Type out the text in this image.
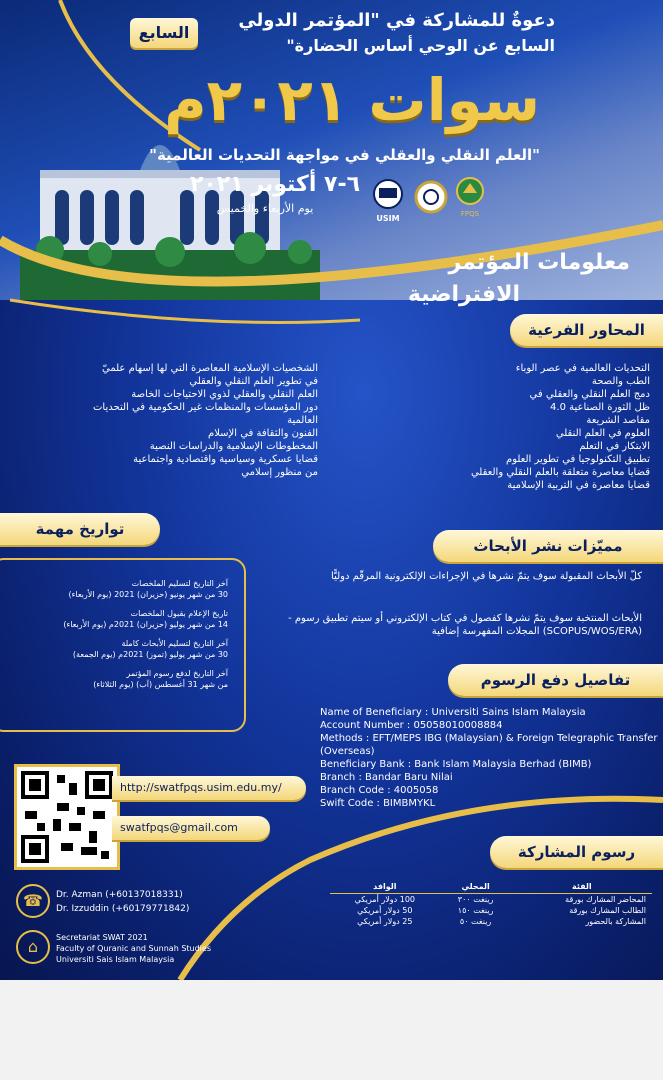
السابع
دعوةٌ للمشاركة في "المؤتمر الدولي
السابع عن الوحي أساس الحضارة"
سوات ٢٠٢١م
"العلم النقلي والعقلي في مواجهة التحديات العالمية"
٦-٧ أكتوبر ٢٠٢١
يوم الأربعاء والخميس
USIM	FPQS
معلومات المؤتمر
الافتراضية
المحاور الفرعية
التحديات العالمية في عصر الوباء
الطب والصحة
دمج العلم النقلي والعقلي في
ظل الثورة الصناعية 4.0
مقاصد الشريعة
العلوم في العلم النقلي
الابتكار في التعلم
تطبيق التكنولوجيا في تطوير العلوم
قضايا معاصرة متعلقة بالعلم النقلي والعقلي
قضايا معاصرة في التربية الإسلامية
الشخصيات الإسلامية المعاصرة التي لها إسهام علميّ
في تطوير العلم النقلي والعقلي
العلم النقلي والعقلي لذوي الاحتياجات الخاصة
دور المؤسسات والمنظمات غير الحكومية في التحديات
العالمية
الفنون والثقافة في الإسلام
المخطوطات الإسلامية والدراسات النصية
قضايا عسكرية وسياسية واقتصادية واجتماعية
من منظور إسلامي
تواريخ مهمة
آخر التاريخ لتسليم الملخصات
30 من شهر يونيو (حزيران) 2021 (يوم الأربعاء)
تاريخ الإعلام بقبول الملخصات
14 من شهر يوليو (حزيران) 2021م (يوم الأربعاء)
آخر التاريخ لتسليم الأبحاث كاملة
30 من شهر يوليو (تموز) 2021م (يوم الجمعة)
آخر التاريخ لدفع رسوم المؤتمر
من شهر 31 أغسطس (آب) (يوم الثلاثاء)
مميّزات نشر الأبحاث
كلّ الأبحاث المقبولة سوف يتمّ نشرها في الإجراءات الإلكترونية المرقّم دوليًّا
الأبحاث المنتخبة سوف يتمّ نشرها كفصول في كتاب الإلكتروني أو سيتم تطبيق رسوم -(SCOPUS/WOS/ERA) المجلات المفهرسة إضافية
تفاصيل دفع الرسوم
Name of Beneficiary : Universiti Sains Islam Malaysia
Account Number : 05058010008884
Methods : EFT/MEPS IBG (Malaysian) & Foreign Telegraphic Transfer (Overseas)
Beneficiary Bank : Bank Islam Malaysia Berhad (BIMB)
Branch : Bandar Baru Nilai
Branch Code : 4005058
Swift Code : BIMBMYKL
http://swatfpqs.usim.edu.my/
swatfpqs@gmail.com
☎	Dr. Azman (+60137018331)
Dr. Izzuddin (+60179771842)
⌂	Secretariat SWAT 2021
Faculty of Quranic and Sunnah Studies
Universiti Sais Islam Malaysia
رسوم المشاركة
الفئة	المحلي	الوافد
المحاضر المشارك بورقة	رينغت ٣٠٠	100 دولار أمريكي
الطالب المشارك بورقة	رينغت ١٥٠	50 دولار أمريكي
المشاركة بالحضور	رينغت ٥٠	25 دولار أمريكي
